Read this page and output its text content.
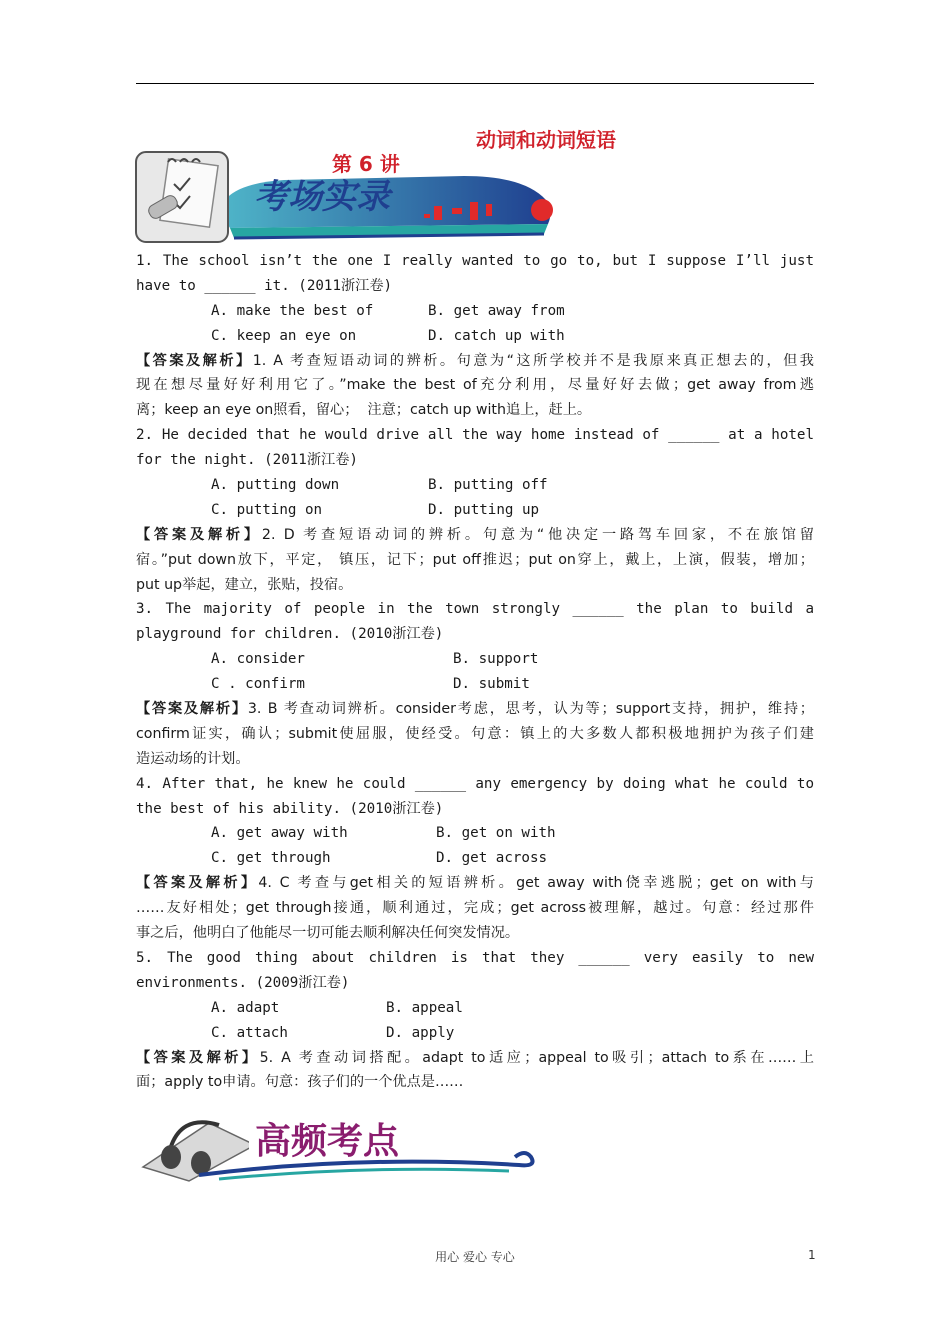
第 6 讲

动词和动词短语

考场实录
1. The school isn’t the one I really wanted to go to, but I suppose I’ll just
have to ______ it. (2011浙江卷)
A. make the best of	B. get away from
C. keep an eye on	D. catch up with
【答案及解析】1. A 考查短语动词的辨析。句意为“这所学校并不是我原来真正想去的，但我
现在想尽量好好利用它了。”make the best of充分利用，尽量好好去做；get away from逃
离；keep an eye on照看，留心；  注意；catch up with追上，赶上。
2. He decided that he would drive all the way home instead of ______ at a hotel
for the night. (2011浙江卷)
A. putting down	B. putting off
C. putting on	D. putting up
【答案及解析】2. D 考查短语动词的辨析。句意为“他决定一路驾车回家，不在旅馆留
宿。”put down放下，平定， 镇压，记下；put off推迟；put on穿上，戴上，上演，假装，增加；
put up举起，建立，张贴，投宿。
3. The majority of people in the town strongly ______ the plan to build a
playground for children. (2010浙江卷)
A. consider	B. support
C . confirm	D. submit
【答案及解析】3. B 考查动词辨析。consider考虑，思考，认为等；support支持，拥护，维持；
confirm证实，确认；submit使屈服，使经受。句意：镇上的大多数人都积极地拥护为孩子们建
造运动场的计划。
4. After that, he knew he could ______ any emergency by doing what he could to
the best of his ability. (2010浙江卷)
A. get away with	B. get on with
C. get through	D. get across
【答案及解析】4. C 考查与get相关的短语辨析。get away with侥幸逃脱；get on with与
……友好相处；get through接通，顺利通过，完成；get across被理解，越过。句意：经过那件
事之后，他明白了他能尽一切可能去顺利解决任何突发情况。
5. The good thing about children is that they ______ very easily to new
environments. (2009浙江卷)
A. adapt	B. appeal
C. attach	D. apply
【答案及解析】5. A 考查动词搭配。adapt to适应；appeal to吸引；attach to系在……上
面；apply to申请。句意：孩子们的一个优点是……
高频考点
用心 爱心 专心	1
